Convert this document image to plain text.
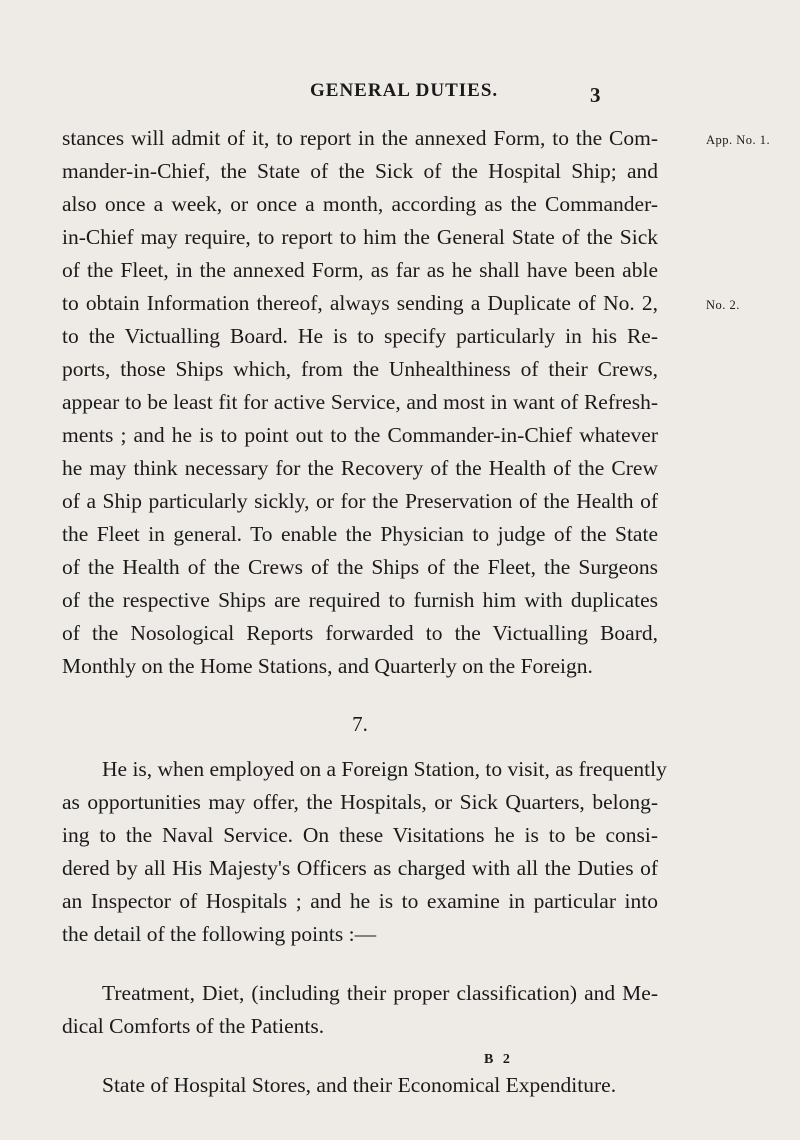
GENERAL DUTIES.	3
App. No. 1.
No. 2.
stances will admit of it, to report in the annexed Form, to the Com-
mander-in-Chief, the State of the Sick of the Hospital Ship; and
also once a week, or once a month, according as the Commander-
in-Chief may require, to report to him the General State of the Sick
of the Fleet, in the annexed Form, as far as he shall have been able
to obtain Information thereof, always sending a Duplicate of No. 2,
to the Victualling Board. He is to specify particularly in his Re-
ports, those Ships which, from the Unhealthiness of their Crews,
appear to be least fit for active Service, and most in want of Refresh-
ments ; and he is to point out to the Commander-in-Chief whatever
he may think necessary for the Recovery of the Health of the Crew
of a Ship particularly sickly, or for the Preservation of the Health of
the Fleet in general. To enable the Physician to judge of the State
of the Health of the Crews of the Ships of the Fleet, the Surgeons
of the respective Ships are required to furnish him with duplicates
of the Nosological Reports forwarded to the Victualling Board,
Monthly on the Home Stations, and Quarterly on the Foreign.
7.
He is, when employed on a Foreign Station, to visit, as frequently
as opportunities may offer, the Hospitals, or Sick Quarters, belong-
ing to the Naval Service. On these Visitations he is to be consi-
dered by all His Majesty's Officers as charged with all the Duties of
an Inspector of Hospitals ; and he is to examine in particular into
the detail of the following points :—
Treatment, Diet, (including their proper classification) and Me-
dical Comforts of the Patients.
State of Hospital Stores, and their Economical Expenditure.
B 2
